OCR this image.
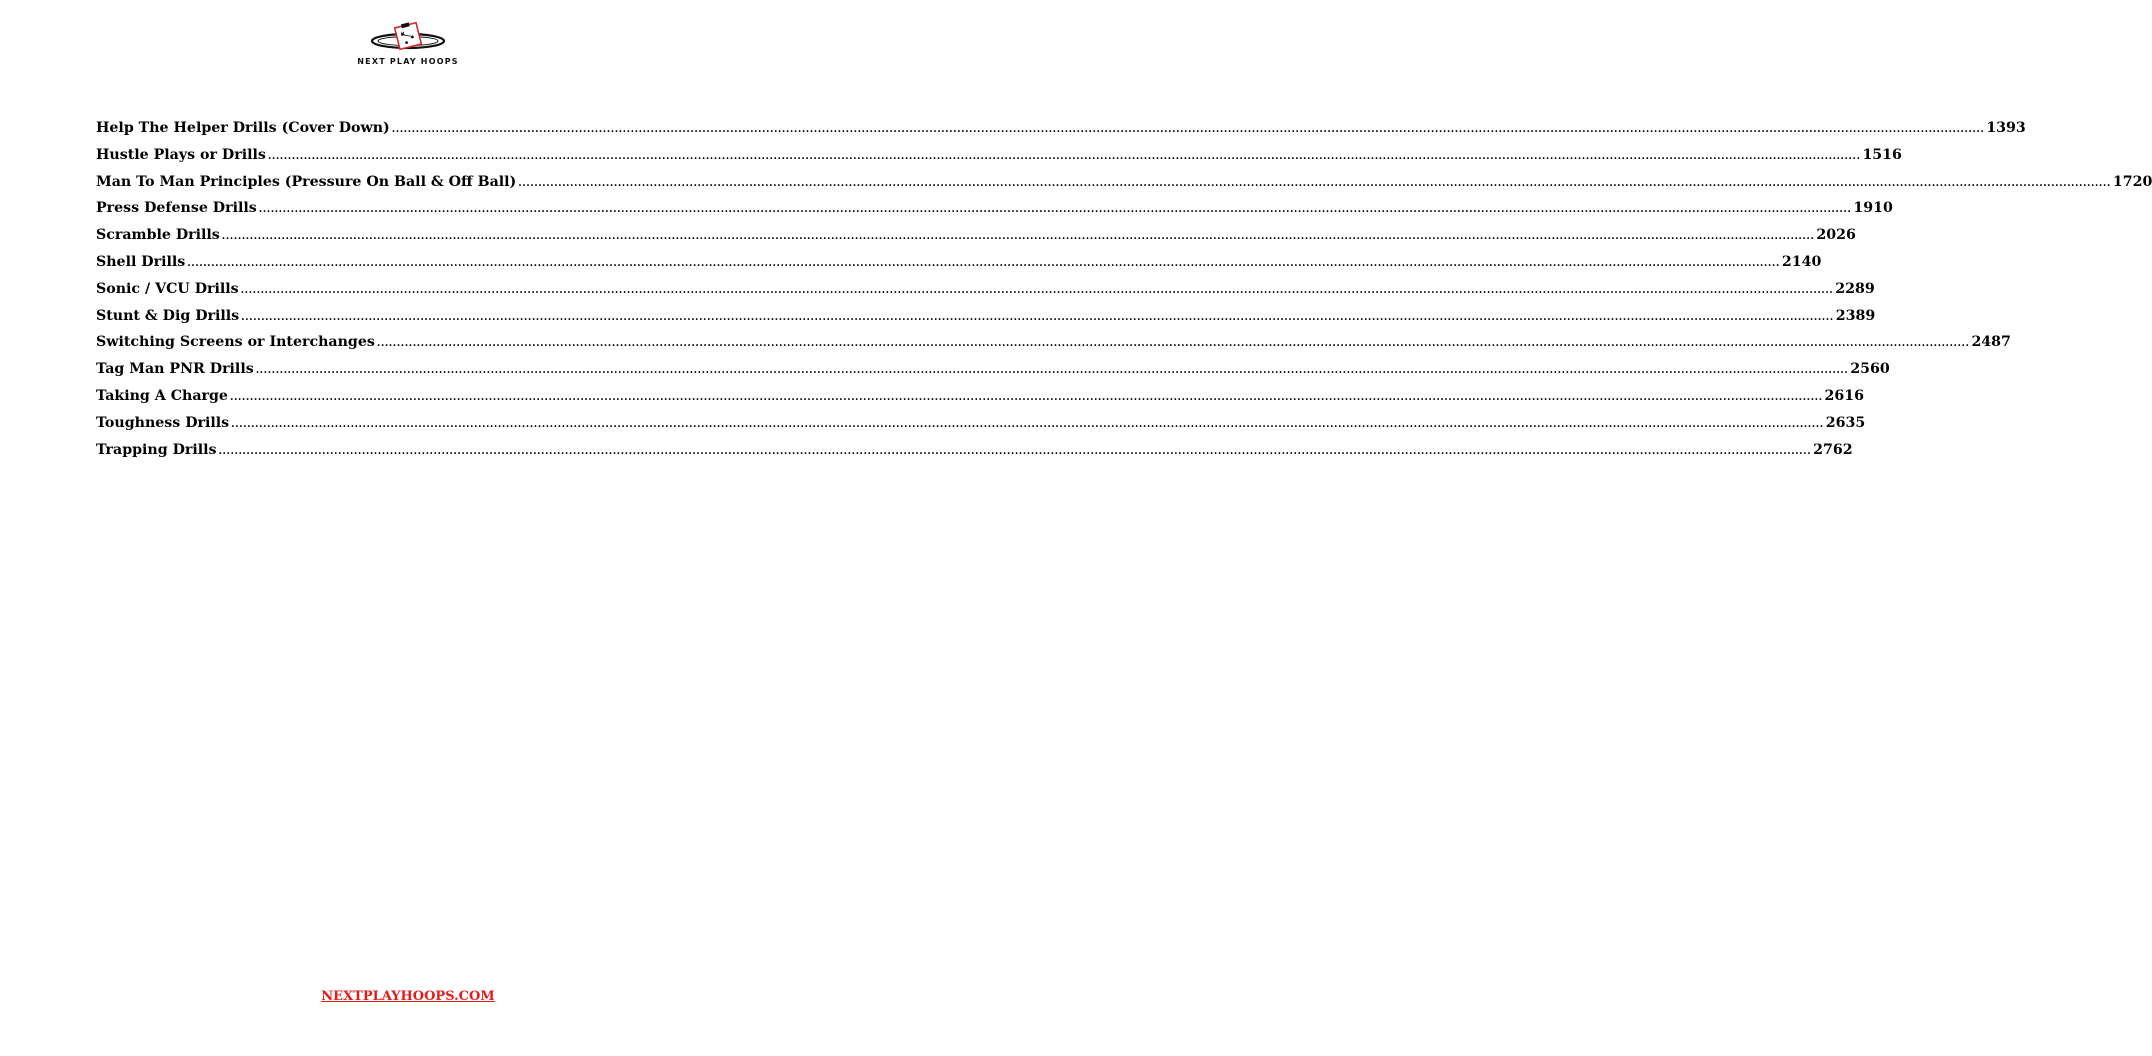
NEXT PLAY HOOPS
Help The Helper Drills (Cover Down) ................................................................................................................................................................................................................................................................................................................................................................................................................ 1393
Hustle Plays or Drills ................................................................................................................................................................................................................................................................................................................................................................................................................ 1516
Man To Man Principles (Pressure On Ball & Off Ball) ................................................................................................................................................................................................................................................................................................................................................................................................................ 1720
Press Defense Drills ................................................................................................................................................................................................................................................................................................................................................................................................................ 1910
Scramble Drills ................................................................................................................................................................................................................................................................................................................................................................................................................ 2026
Shell Drills ................................................................................................................................................................................................................................................................................................................................................................................................................ 2140
Sonic / VCU Drills ................................................................................................................................................................................................................................................................................................................................................................................................................ 2289
Stunt & Dig Drills ................................................................................................................................................................................................................................................................................................................................................................................................................ 2389
Switching Screens or Interchanges ................................................................................................................................................................................................................................................................................................................................................................................................................ 2487
Tag Man PNR Drills ................................................................................................................................................................................................................................................................................................................................................................................................................ 2560
Taking A Charge ................................................................................................................................................................................................................................................................................................................................................................................................................ 2616
Toughness Drills ................................................................................................................................................................................................................................................................................................................................................................................................................ 2635
Trapping Drills ................................................................................................................................................................................................................................................................................................................................................................................................................ 2762
NEXTPLAYHOOPS.COM
